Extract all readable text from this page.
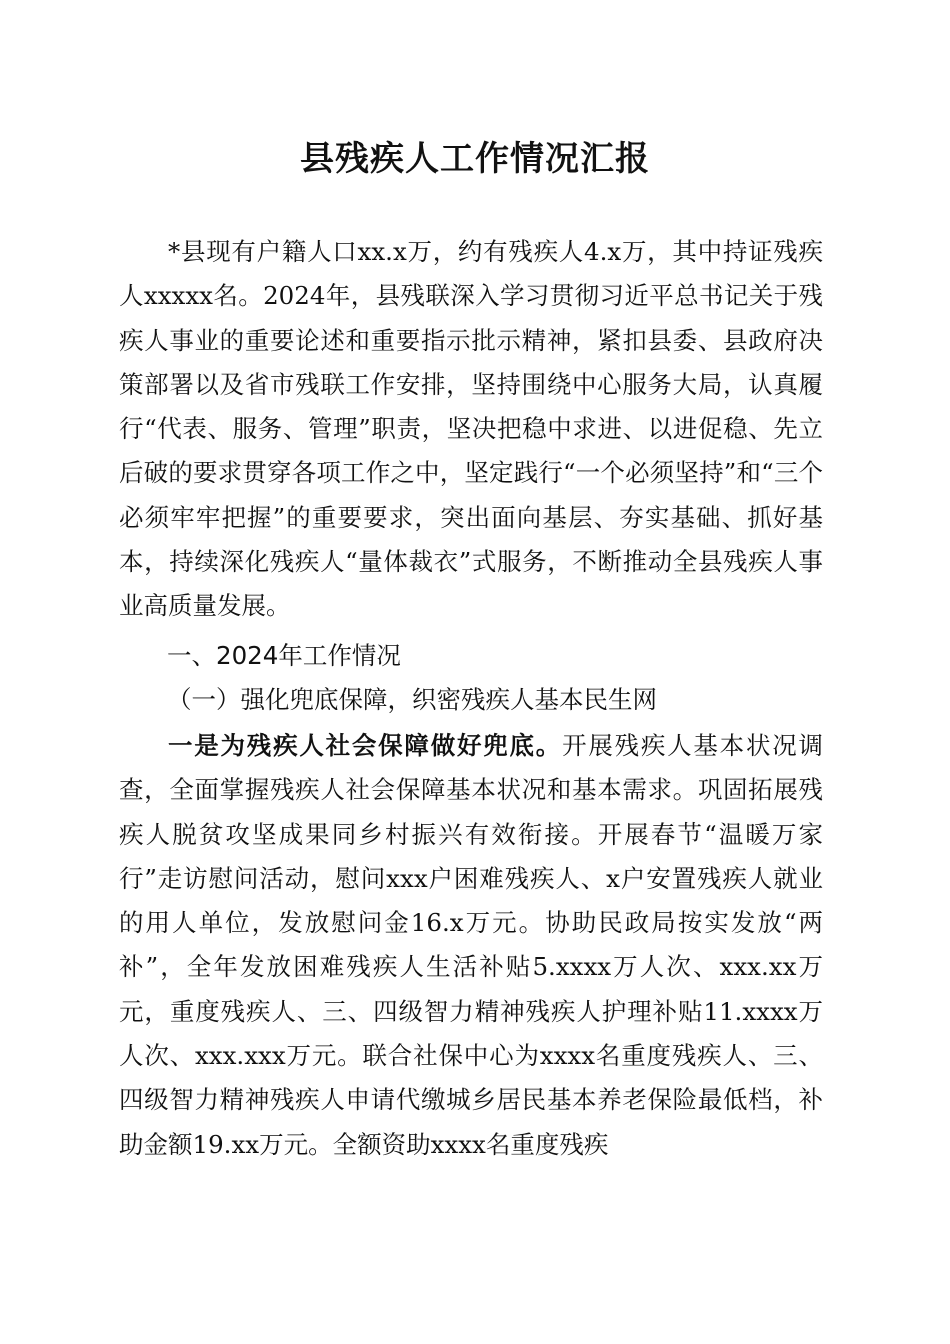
县残疾人工作情况汇报

*县现有户籍人口xx.x万，约有残疾人4.x万，其中持证残疾人xxxxx名。2024年，县残联深入学习贯彻习近平总书记关于残疾人事业的重要论述和重要指示批示精神，紧扣县委、县政府决策部署以及省市残联工作安排，坚持围绕中心服务大局，认真履行“代表、服务、管理”职责，坚决把稳中求进、以进促稳、先立后破的要求贯穿各项工作之中，坚定践行“一个必须坚持”和“三个必须牢牢把握”的重要要求，突出面向基层、夯实基础、抓好基本，持续深化残疾人“量体裁衣”式服务，不断推动全县残疾人事业高质量发展。

一、2024年工作情况
（一）强化兜底保障，织密残疾人基本民生网

一是为残疾人社会保障做好兜底。开展残疾人基本状况调查，全面掌握残疾人社会保障基本状况和基本需求。巩固拓展残疾人脱贫攻坚成果同乡村振兴有效衔接。开展春节“温暖万家行”走访慰问活动，慰问xxx户困难残疾人、x户安置残疾人就业的用人单位，发放慰问金16.x万元。协助民政局按实发放“两补”，全年发放困难残疾人生活补贴5.xxxx万人次、xxx.xx万元，重度残疾人、三、四级智力精神残疾人护理补贴11.xxxx万人次、xxx.xxx万元。联合社保中心为xxxx名重度残疾人、三、四级智力精神残疾人申请代缴城乡居民基本养老保险最低档，补助金额19.xx万元。全额资助xxxx名重度残疾
